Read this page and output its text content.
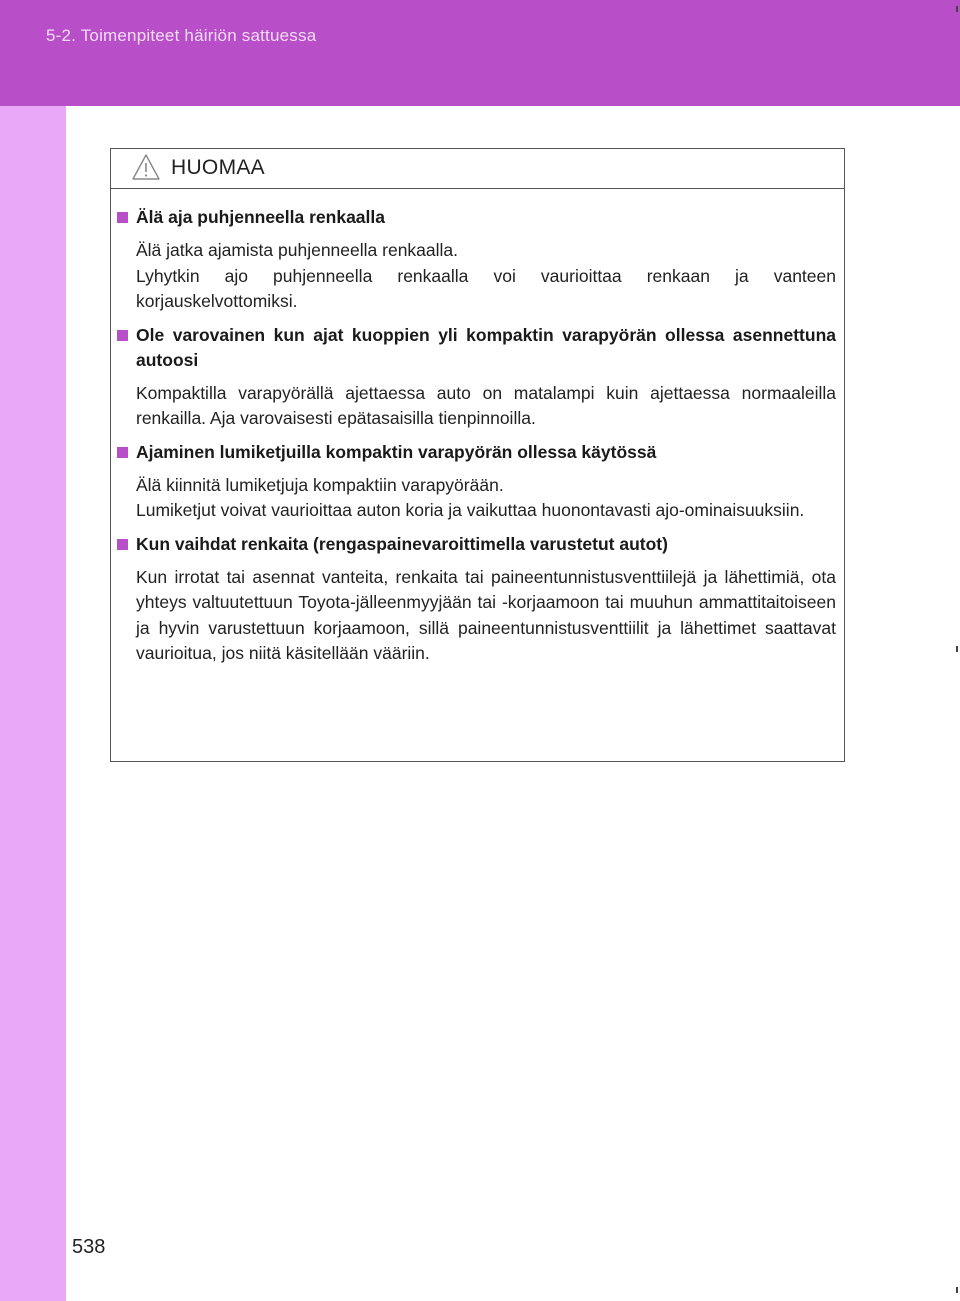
5-2. Toimenpiteet häiriön sattuessa
HUOMAA
Älä aja puhjenneella renkaalla

Älä jatka ajamista puhjenneella renkaalla.

Lyhytkin ajo puhjenneella renkaalla voi vaurioittaa renkaan ja vanteen korjauskelvottomiksi.

Ole varovainen kun ajat kuoppien yli kompaktin varapyörän ollessa asennettuna autoosi

Kompaktilla varapyörällä ajettaessa auto on matalampi kuin ajettaessa normaaleilla renkailla. Aja varovaisesti epätasaisilla tienpinnoilla.

Ajaminen lumiketjuilla kompaktin varapyörän ollessa käytössä

Älä kiinnitä lumiketjuja kompaktiin varapyörään.

Lumiketjut voivat vaurioittaa auton koria ja vaikuttaa huonontavasti ajo-ominaisuuksiin.

Kun vaihdat renkaita (rengaspainevaroittimella varustetut autot)

Kun irrotat tai asennat vanteita, renkaita tai paineentunnistusventtiilejä ja lähettimiä, ota yhteys valtuutettuun Toyota-jälleenmyyjään tai -korjaamoon tai muuhun ammattitaitoiseen ja hyvin varustettuun korjaamoon, sillä paineentunnistusventtiilit ja lähettimet saattavat vaurioitua, jos niitä käsitellään vääriin.

538
